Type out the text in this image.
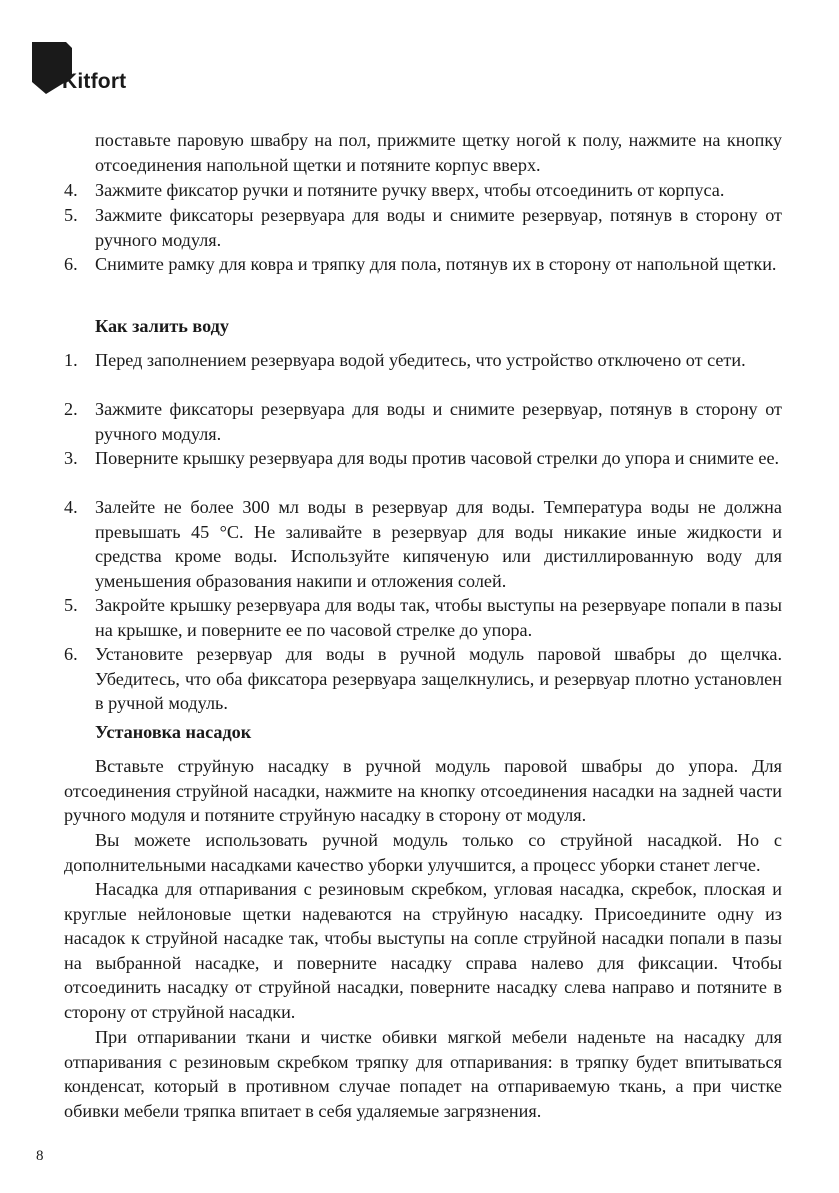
Kitfort

поставьте паровую швабру на пол, прижмите щетку ногой к полу, нажмите на кнопку отсоединения напольной щетки и потяните корпус вверх.

4. Зажмите фиксатор ручки и потяните ручку вверх, чтобы отсоединить от корпуса.
5. Зажмите фиксаторы резервуара для воды и снимите резервуар, потянув в сторону от ручного модуля.
6. Снимите рамку для ковра и тряпку для пола, потянув их в сторону от напольной щетки.
Как залить воду
1. Перед заполнением резервуара водой убедитесь, что устройство отключено от сети.
2. Зажмите фиксаторы резервуара для воды и снимите резервуар, потянув в сторону от ручного модуля.
3. Поверните крышку резервуара для воды против часовой стрелки до упора и снимите ее.
4. Залейте не более 300 мл воды в резервуар для воды. Температура воды не должна превышать 45 °С. Не заливайте в резервуар для воды никакие иные жидкости и средства кроме воды. Используйте кипяченую или дистиллированную воду для уменьшения образования накипи и отложения солей.
5. Закройте крышку резервуара для воды так, чтобы выступы на резервуаре попали в пазы на крышке, и поверните ее по часовой стрелке до упора.
6. Установите резервуар для воды в ручной модуль паровой швабры до щелчка. Убедитесь, что оба фиксатора резервуара защелкнулись, и резервуар плотно установлен в ручной модуль.
Установка насадок

Вставьте струйную насадку в ручной модуль паровой швабры до упора. Для отсоединения струйной насадки, нажмите на кнопку отсоединения насадки на задней части ручного модуля и потяните струйную насадку в сторону от модуля.

Вы можете использовать ручной модуль только со струйной насадкой. Но с дополнительными насадками качество уборки улучшится, а процесс уборки станет легче.

Насадка для отпаривания с резиновым скребком, угловая насадка, скребок, плоская и круглые нейлоновые щетки надеваются на струйную насадку. Присоедините одну из насадок к струйной насадке так, чтобы выступы на сопле струйной насадки попали в пазы на выбранной насадке, и поверните насадку справа налево для фиксации. Чтобы отсоединить насадку от струйной насадки, поверните насадку слева направо и потяните в сторону от струйной насадки.

При отпаривании ткани и чистке обивки мягкой мебели наденьте на насадку для отпаривания с резиновым скребком тряпку для отпаривания: в тряпку будет впитываться конденсат, который в противном случае попадет на отпариваемую ткань, а при чистке обивки мебели тряпка впитает в себя удаляемые загрязнения.

8
